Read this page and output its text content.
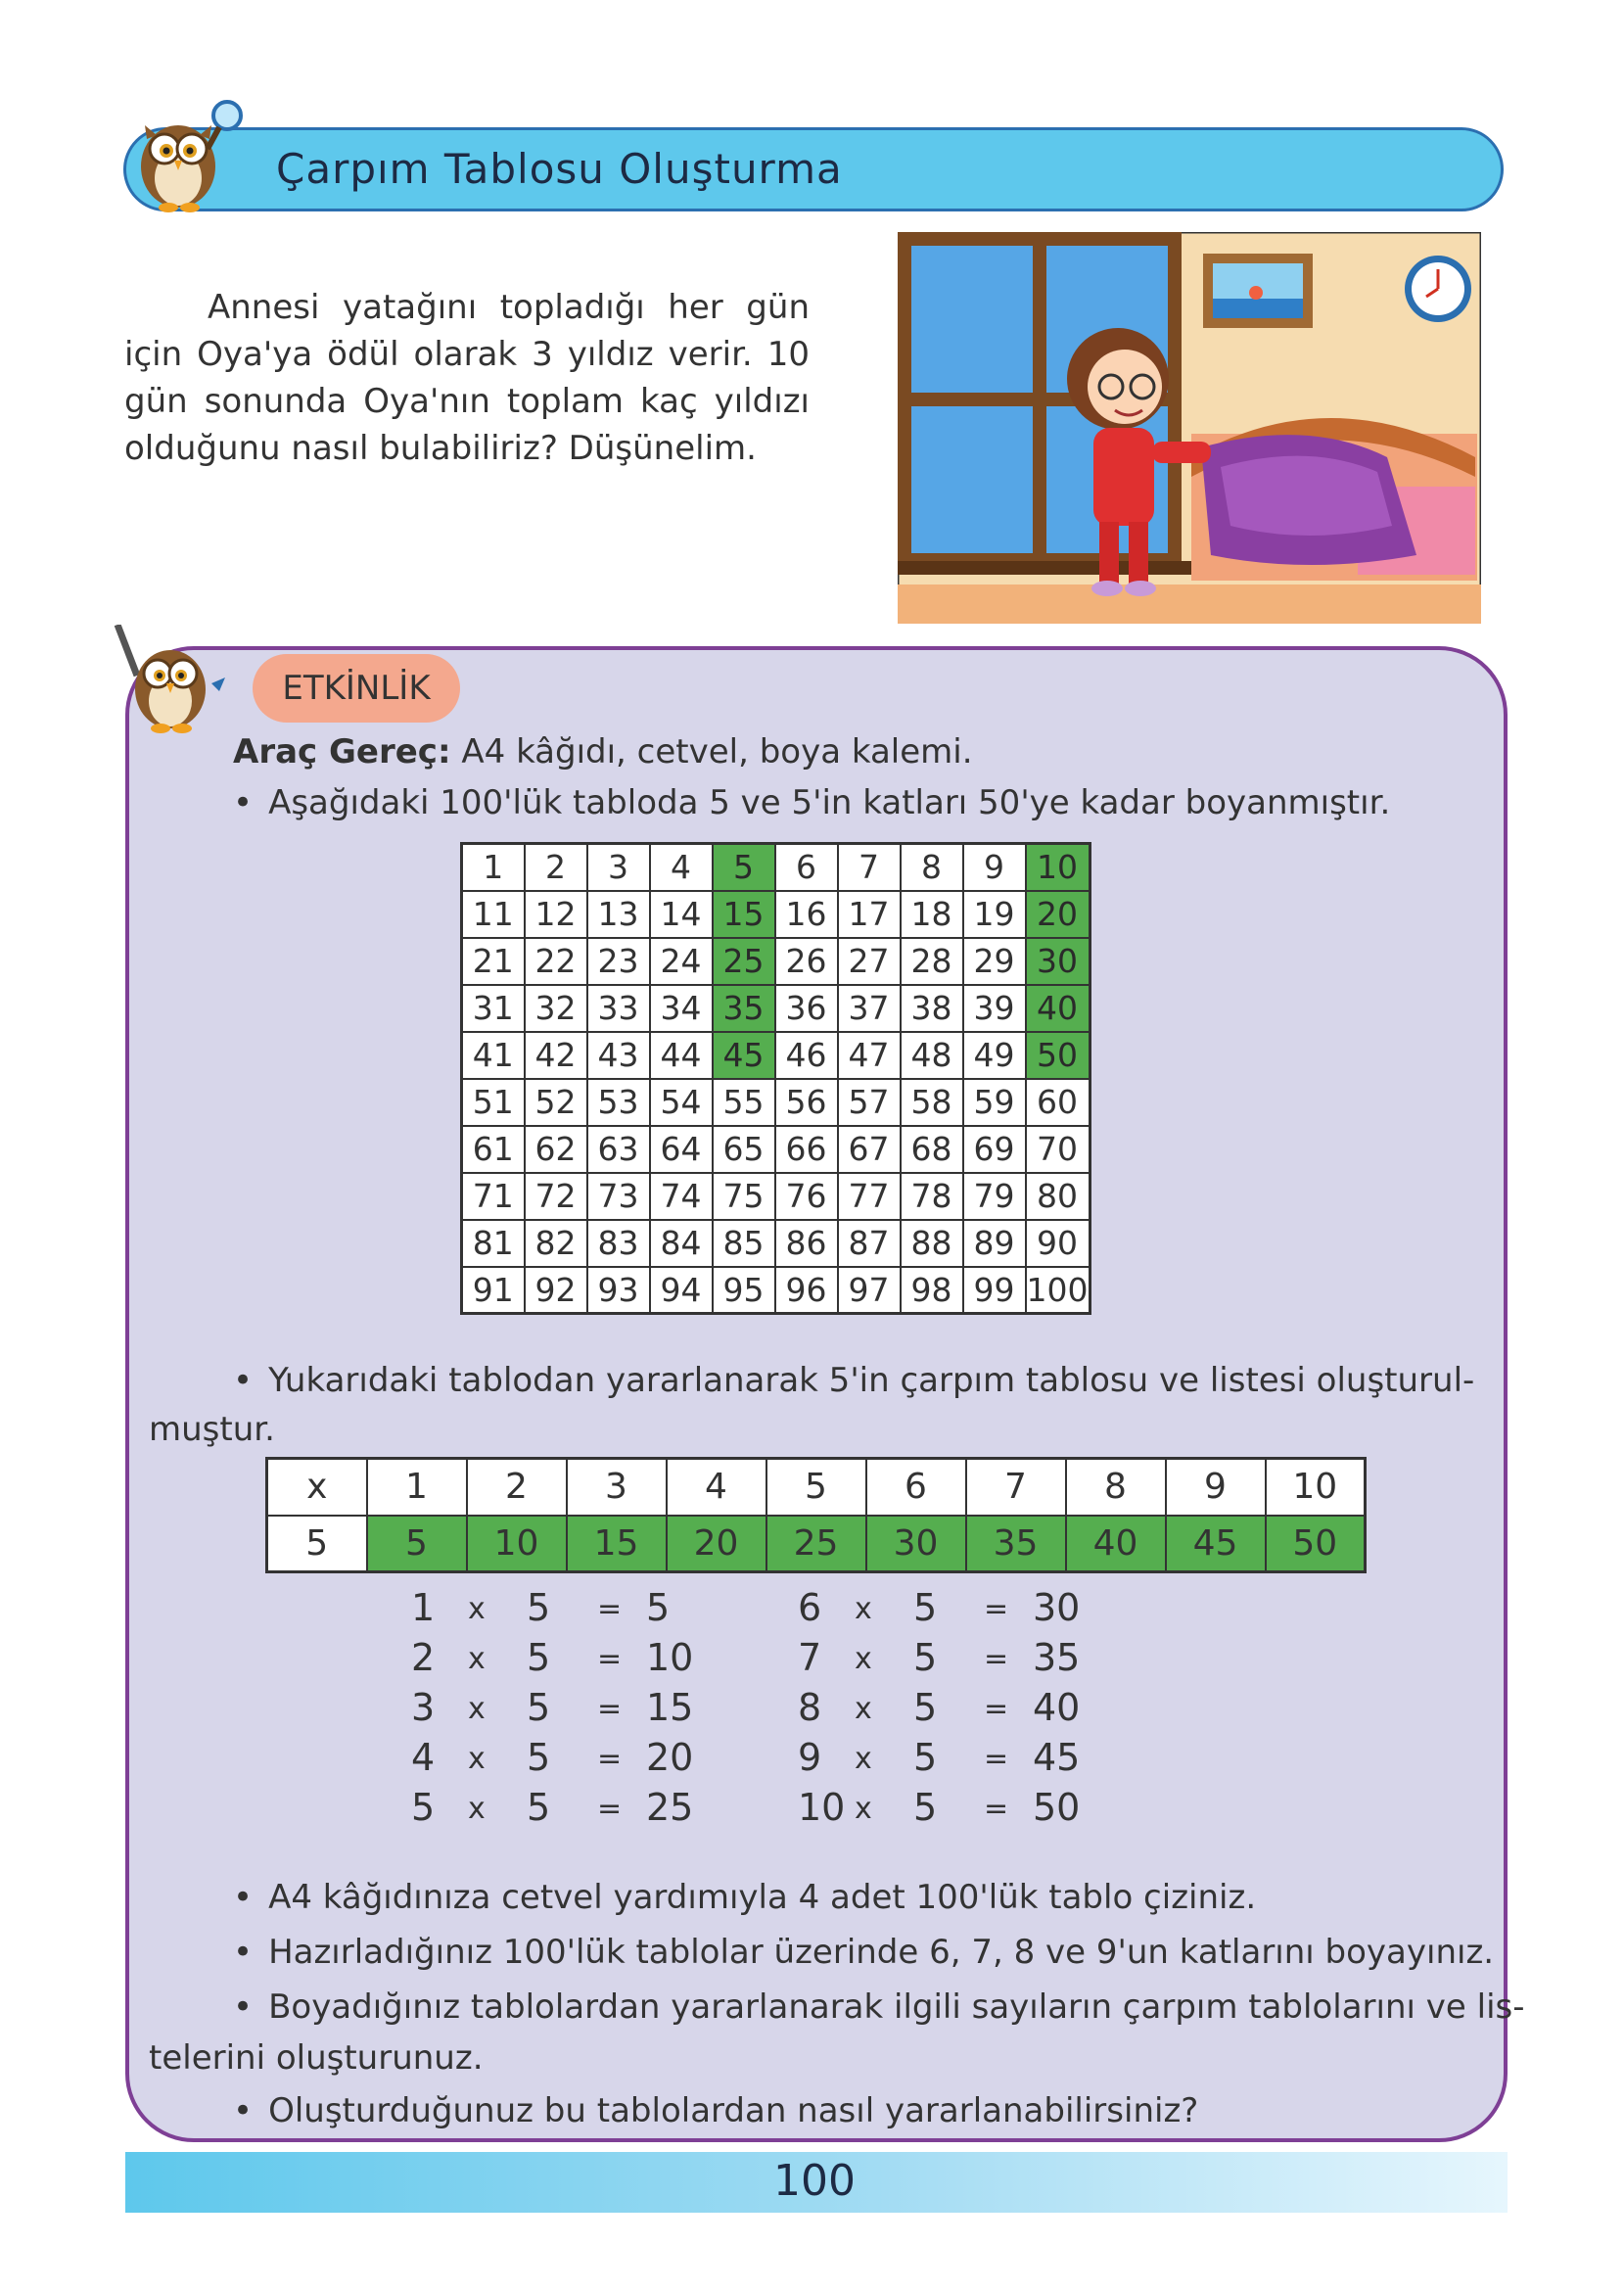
Çarpım Tablosu Oluşturma
Annesi yatağını topladığı her gün için Oya'ya ödül olarak 3 yıldız verir. 10 gün sonunda Oya'nın toplam kaç yıldızı olduğunu nasıl bulabiliriz? Düşünelim.
ETKİNLİK
Araç Gereç: A4 kâğıdı, cetvel, boya kalemi.
• Aşağıdaki 100'lük tabloda 5 ve 5'in katları 50'ye kadar boyanmıştır.
1	2	3	4	5	6	7	8	9	10
11	12	13	14	15	16	17	18	19	20
21	22	23	24	25	26	27	28	29	30
31	32	33	34	35	36	37	38	39	40
41	42	43	44	45	46	47	48	49	50
51	52	53	54	55	56	57	58	59	60
61	62	63	64	65	66	67	68	69	70
71	72	73	74	75	76	77	78	79	80
81	82	83	84	85	86	87	88	89	90
91	92	93	94	95	96	97	98	99	100
• Yukarıdaki tablodan yararlanarak 5'in çarpım tablosu ve listesi oluşturul-
muştur.
x	1	2	3	4	5	6	7	8	9	10
5	5	10	15	20	25	30	35	40	45	50
1 x 5 = 5
2 x 5 = 10
3 x 5 = 15
4 x 5 = 20
5 x 5 = 25
6 x 5 = 30
7 x 5 = 35
8 x 5 = 40
9 x 5 = 45
10 x 5 = 50
• A4 kâğıdınıza cetvel yardımıyla 4 adet 100'lük tablo çiziniz.
• Hazırladığınız 100'lük tablolar üzerinde 6, 7, 8 ve 9'un katlarını boyayınız.
• Boyadığınız tablolardan yararlanarak ilgili sayıların çarpım tablolarını ve lis-
telerini oluşturunuz.
• Oluşturduğunuz bu tablolardan nasıl yararlanabilirsiniz?
100
